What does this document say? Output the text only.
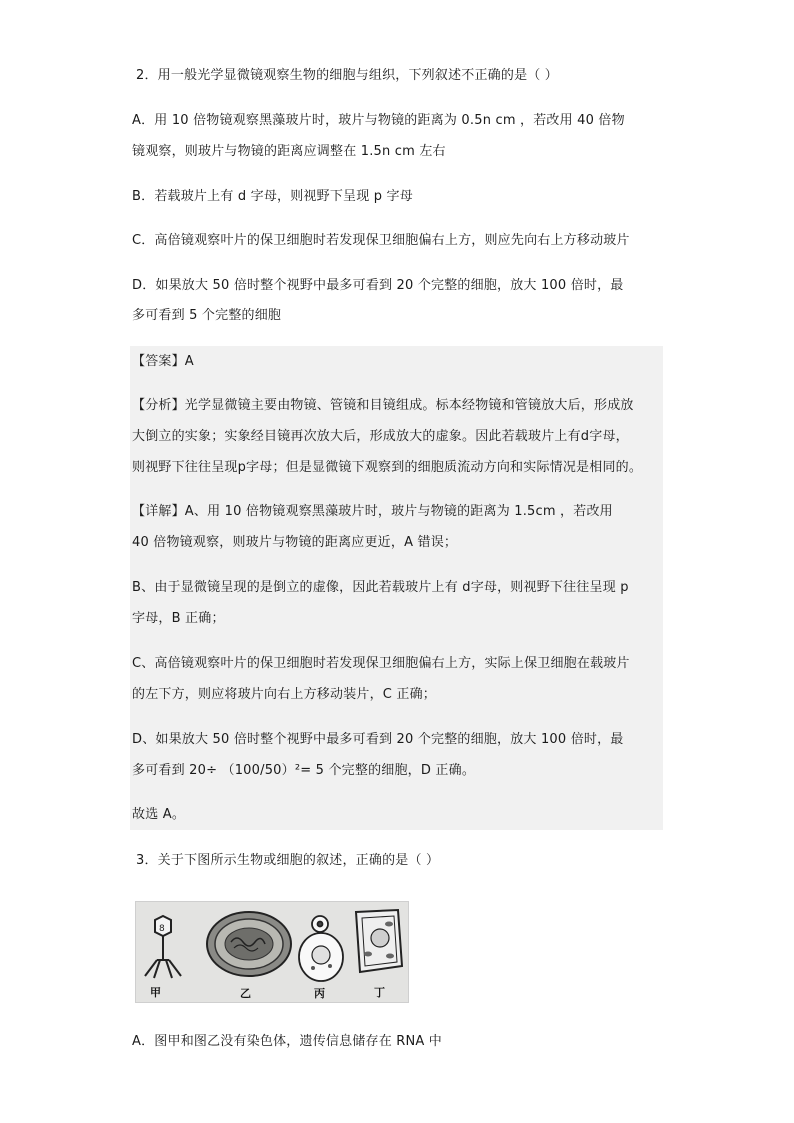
2．用一般光学显微镜观察生物的细胞与组织，下列叙述不正确的是（ ）
A．用 10 倍物镜观察黑藻玻片时，玻片与物镜的距离为 0.5n cm ，若改用 40 倍物
镜观察，则玻片与物镜的距离应调整在 1.5n cm 左右
B．若载玻片上有 d 字母，则视野下呈现 p 字母
C．高倍镜观察叶片的保卫细胞时若发现保卫细胞偏右上方，则应先向右上方移动玻片
D．如果放大 50 倍时整个视野中最多可看到 20 个完整的细胞，放大 100 倍时，最
多可看到 5 个完整的细胞
【答案】A
【分析】光学显微镜主要由物镜、管镜和目镜组成。标本经物镜和管镜放大后，形成放
大倒立的实象；实象经目镜再次放大后，形成放大的虚象。因此若载玻片上有d字母，
则视野下往往呈现p字母；但是显微镜下观察到的细胞质流动方向和实际情况是相同的。
【详解】A、用 10 倍物镜观察黑藻玻片时，玻片与物镜的距离为 1.5cm ，若改用
40 倍物镜观察，则玻片与物镜的距离应更近，A 错误；
B、由于显微镜呈现的是倒立的虚像，因此若载玻片上有 d字母，则视野下往往呈现 p
字母，B 正确；
C、高倍镜观察叶片的保卫细胞时若发现保卫细胞偏右上方，实际上保卫细胞在载玻片
的左下方，则应将玻片向右上方移动装片，C 正确；
D、如果放大 50 倍时整个视野中最多可看到 20 个完整的细胞，放大 100 倍时，最
多可看到 20÷ （100/50）²= 5 个完整的细胞，D 正确。
故选 A。
3．关于下图所示生物或细胞的叙述，正确的是（ ）
8
甲	乙	丙	丁
A．图甲和图乙没有染色体，遗传信息储存在 RNA 中
